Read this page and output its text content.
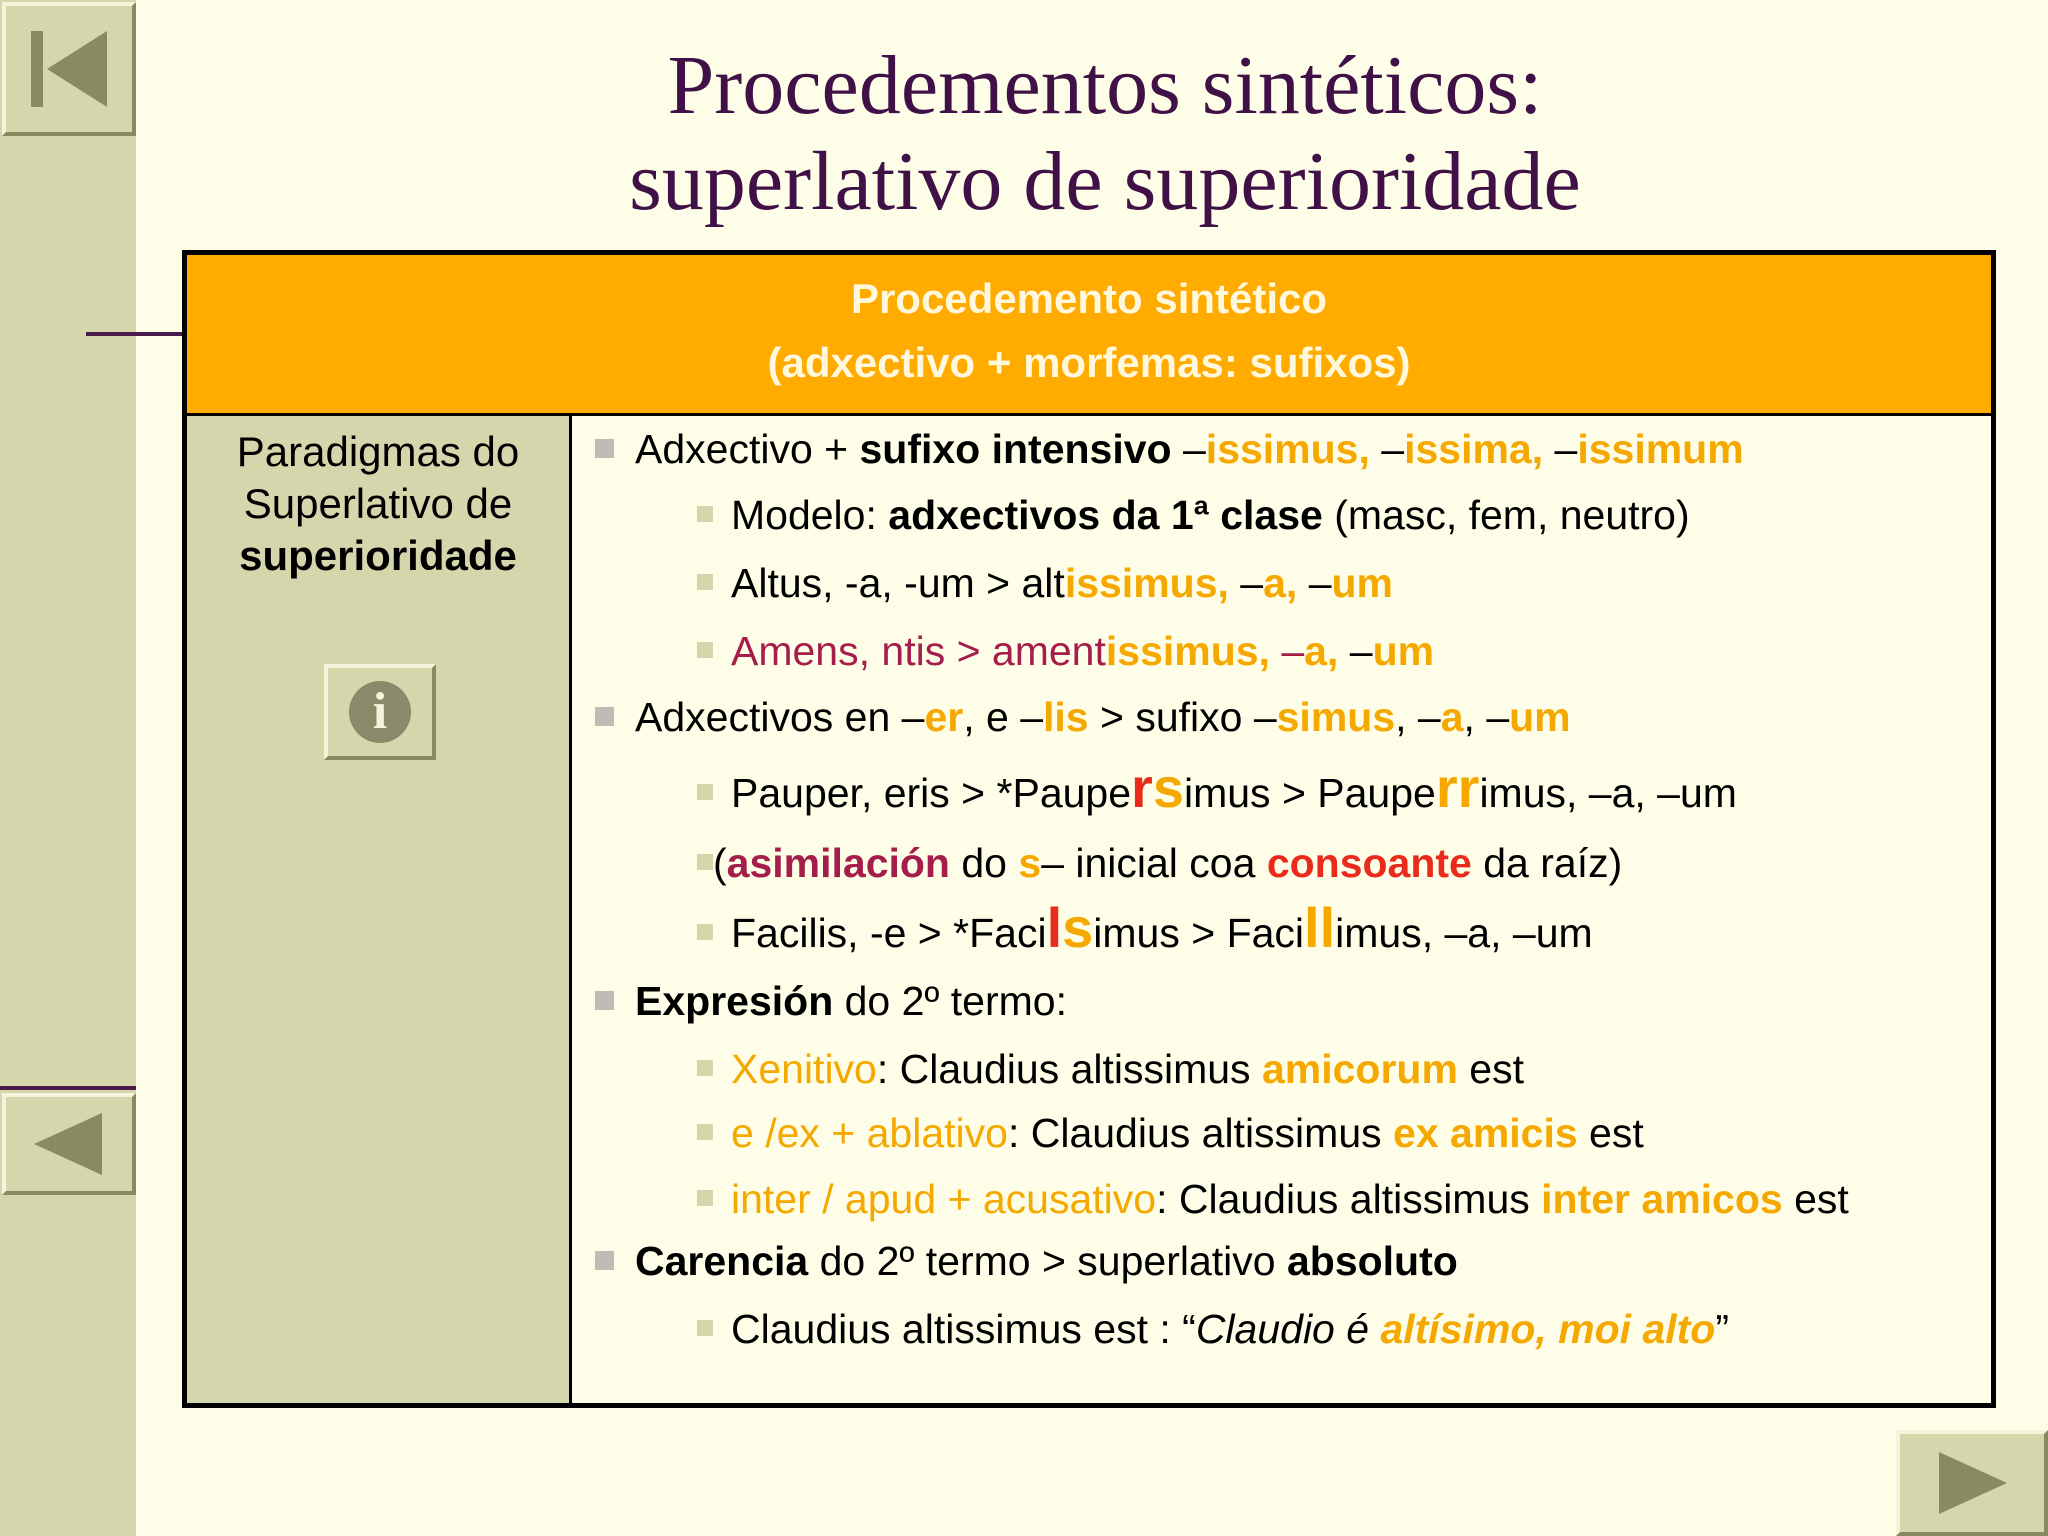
Procedementos sintéticos:
superlativo de superioridade
Procedemento sintético
(adxectivo + morfemas: sufixos)
Paradigmas do
Superlativo de
superioridade
i
Adxectivo + sufixo intensivo –issimus, –issima, –issimum
Modelo: adxectivos da 1ª clase (masc, fem, neutro)
Altus, -a, -um > altissimus, –a, –um
Amens, ntis > amentissimus, –a, –um
Adxectivos en –er, e –lis > sufixo –simus, –a, –um
Pauper, eris > *Paupersimus > Pauperrimus, –a, –um
(asimilación do s– inicial coa consoante da raíz)
Facilis, -e > *Facilsimus > Facillimus, –a, –um
Expresión do 2º termo:
Xenitivo: Claudius altissimus amicorum est
e /ex + ablativo: Claudius altissimus ex amicis est
inter / apud + acusativo: Claudius altissimus inter amicos est
Carencia do 2º termo > superlativo absoluto
Claudius altissimus est : “Claudio é altísimo, moi alto”
